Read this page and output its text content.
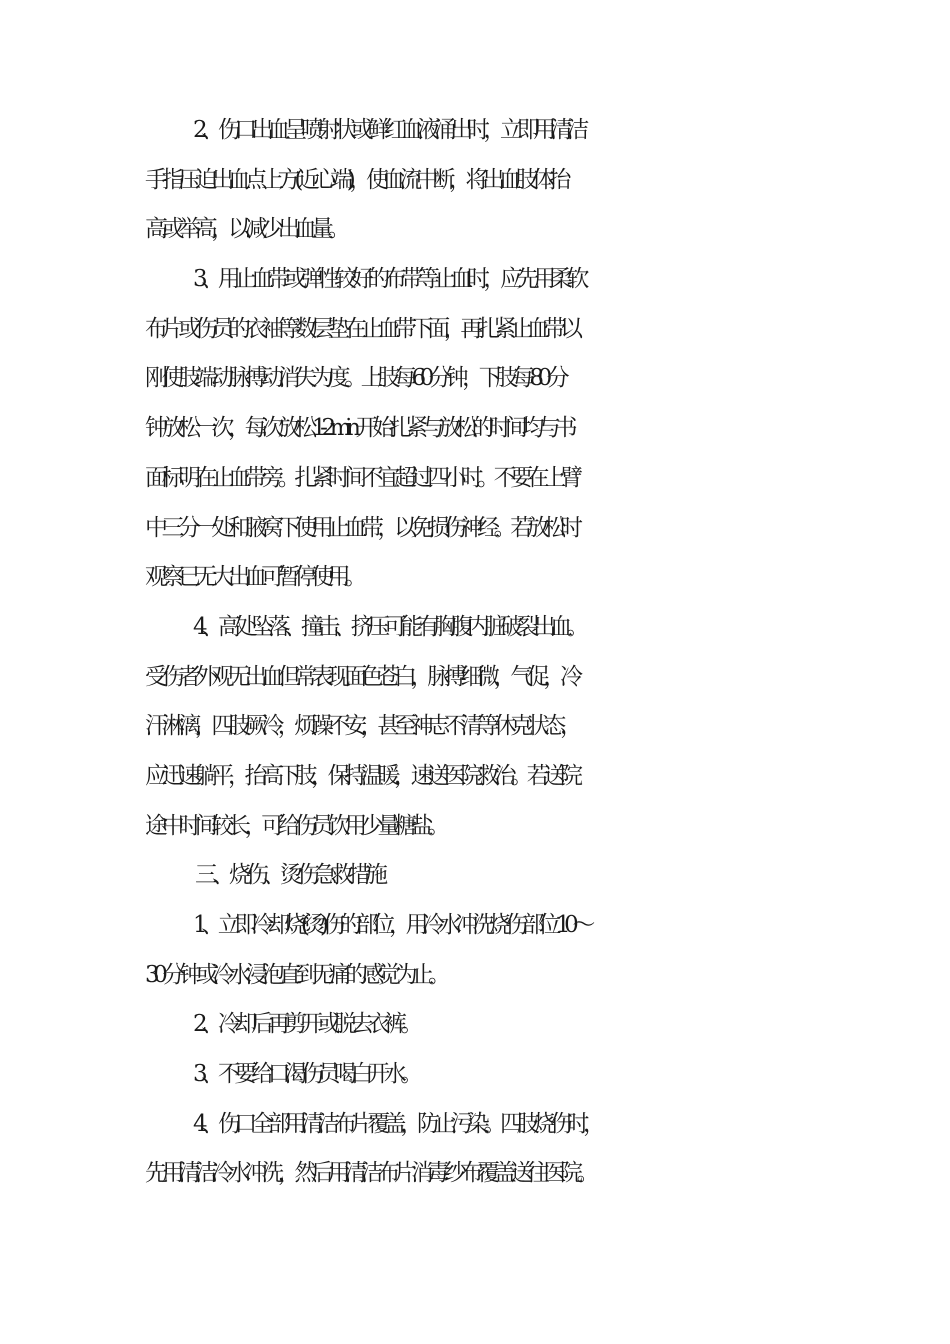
2、伤口出血呈喷射状或鲜红血液涌出时，立即用清洁
手指压迫出血点上方(近心端)，使血流中断，将出血肢体抬
高或举高，以减少出血量。
3、用止血带或弹性较好的布带等止血时，应先用柔软
布片或伤员的衣袖等数层垫在止血带下面，再扎紧止血带以
刚使肢端动脉搏动消失为度。上肢每 60 分钟，下肢每 80 分
钟放松一次，每次放松 1-2min 开始扎紧与放松的时间均与书
面标明在止血带旁。扎紧时间不宜超过四小时。不要在上臂
中三分一处和腋窝下使用止血带，以免损伤神经。若放松时
观察已无大出血可暂停使用。
4、高处坠落、撞击、挤压可能有胸腹内脏破裂出血。
受伤者外观无出血但常表现面色苍白，脉搏细微，气促，冷
汗淋漓，四肢厥冷，烦躁不安，甚至神志不清等休克状态，
应迅速躺平，抬高下肢，保持温暖，速送医院救治。若送院
途中时间较长，可给伤员饮用少量糖盐。
三、烧伤、烫伤急救措施
1、立即冷却烧(烫)伤的部位，用冷水冲洗烧伤部位 10～
30 分钟或冷水浸泡直到无痛的感觉为止。
2、冷却后再剪开或脱去衣裤。
3、不要给口渴伤员喝白开水。
4、伤口全部用清洁布片覆盖，防止污染。四肢烧伤时，
先用清洁冷水冲洗，然后用清洁布片消毒纱布覆盖送往医院。
